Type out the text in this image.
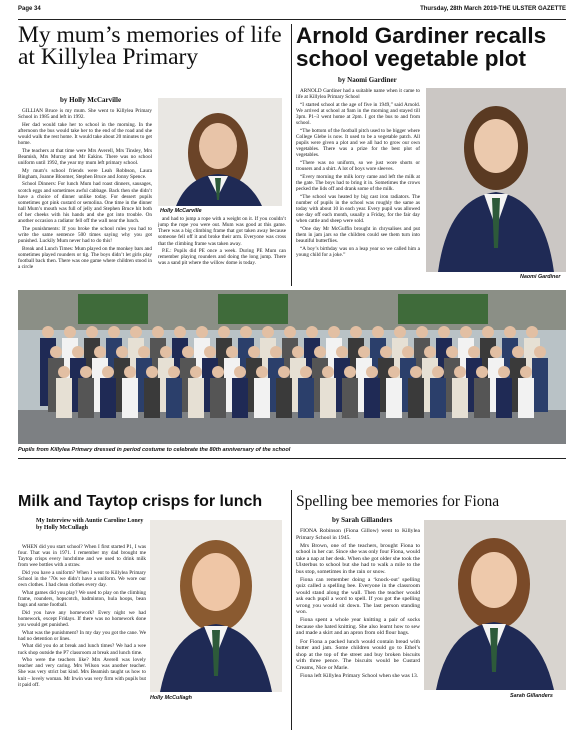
Page 34	Thursday, 28th March 2019-THE ULSTER GAZETTE
My mum’s memories of life at Killylea Primary
by Holly McCarville

GILLIAN Bruce is my mum. She went to Killylea Primary School in 1985 and left in 1992.

Her dad would take her to school in the morning. In the afternoon the bus would take her to the end of the road and she would walk the rest home. It would take about 20 minutes to get home.

The teachers at that time were Mrs Averell, Mrs Tinsley, Mrs Beamish, Mrs Murray and Mr Eakins. There was no school uniform until 1992, the year my mum left primary school.

My mum’s school friends were Leah Robbson, Laura Bingham, Joanne Bloomer, Stephen Bruce and Jonny Spence.

School Dinners: For lunch Mum had roast dinners, sausages, scotch eggs and sometimes awful cabbage. Back then she didn’t have a choice of dinner unlike today. For dessert pupils sometimes got pink custard or semolina. One time in the dinner hall Mum’s mouth was full of jelly and Stephen Bruce hit both of her cheeks with his hands and she got into trouble. On another occasion a radiator fell off the wall near the lunch.

The punishments: If you broke the school rules you had to write the same sentence 500 times saying why you got punished. Luckily Mum never had to do this!

Break and Lunch Times: Mum played on the monkey bars and sometimes played rounders or tig. The boys didn’t let girls play football back then. There was one game where children stood in a circle

Holly McCarville

and had to jump a rope with a weight on it. If you couldn’t jump the rope you were out. Mum was good at this game. There was a big climbing frame that got taken away because someone fell off it and broke their arm. Everyone was cross that the climbing frame was taken away.

P.E.: Pupils did PE once a week. During PE Mum can remember playing rounders and doing the long jump. There was a sand pit where the willow dome is today.

Arnold Gardiner recalls school vegetable plot
by Naomi Gardiner

ARNOLD Gardiner had a suitable name when it came to life at Killylea Primary School

“I started school at the age of five in 1949,” said Arnold. We arrived at school at 9am in the morning and stayed till 3pm. P1–3 went home at 2pm. I got the bus to and from school.

“The bottom of the football pitch used to be bigger where College Glebe is now. It used to be a vegetable patch. All pupils were given a plot and we all had to grow our own vegetables. There was a prize for the best plot of vegetables.

“There was no uniform, so we just wore shorts or trousers and a shirt. A lot of boys wore sleeves.

“Every morning the milk lorry came and left the milk at the gate. The boys had to bring it in. Sometimes the crows pecked the lids off and drank some of the milk.

“The school was heated by big cast iron radiators. The number of pupils in the school was roughly the same as today with about 10 in each year. Every pupil was allowed one day off each month, usually a Friday, for the fair day when cattle and sheep were sold.

“One day Mr McGuffin brought in chrysalises and put them in jam jars so the children could see them turn into beautiful butterflies.

“A boy’s birthday was on a leap year so we called him a young child for a joke.”

Naomi Gardiner
Pupils from Killylea Primary dressed in period costume to celebrate the 80th anniversary of the school
Milk and Taytop crisps for lunch
My Interview with Auntie Caroline Loney by Holly McCullagh

WHEN did you start school? When I first started P1, I was four. That was in 1971. I remember my dad brought me Taytop crisps every lunchtime and we used to drink milk from wee bottles with a straw.

Did you have a uniform? When I went to Killylea Primary School in the ’70s we didn’t have a uniform. We wore our own clothes. I had clean clothes every day.

What games did you play? We used to play on the climbing frame, rounders, hopscotch, badminton, hula hoops, bean bags and some football.

Did you have any homework? Every night we had homework, except Fridays. If there was no homework done you would get punished.

What was the punishment? In my day you got the cane. We had no detention or lines.

What did you do at break and lunch times? We had a wee tuck shop outside the P7 classroom at break and lunch time.

Who were the teachers like? Mrs Averell was lovely teacher and very caring. Mrs Wilson was another teacher. She was very strict but kind. Mrs Beamish taught us how to knit – lovely woman. Mr Irwin was very firm with pupils but it paid off.

Holly McCullagh
Spelling bee memories for Fiona
by Sarah Gillanders

FIONA Robinson (Fiona Gillow) went to Killylea Primary School in 1945.

Mrs Brown, one of the teachers, brought Fiona to school in her car. Since she was only four Fiona, would take a nap at her desk. When she got older she took the Ulsterbus to school but she had to walk a mile to the bus stop, sometimes in the rain or snow.

Fiona can remember doing a ‘knock-out’ spelling quiz called a spelling bee. Everyone in the classroom would stand along the wall. Then the teacher would ask each pupil a word to spell. If you got the spelling wrong you would sit down. The last person standing won.

Fiona spent a whole year knitting a pair of socks because she hated knitting. She also learnt how to sew and made a skirt and an apron from old flour bags.

For Fiona a packed lunch would contain bread with butter and jam. Some children would go to Ethel’s shop at the top of the street and buy broken biscuits with three pence. The biscuits would be Custard Creams, Nice or Marie.

Fiona left Killylea Primary School when she was 13.

Sarah Gillanders
